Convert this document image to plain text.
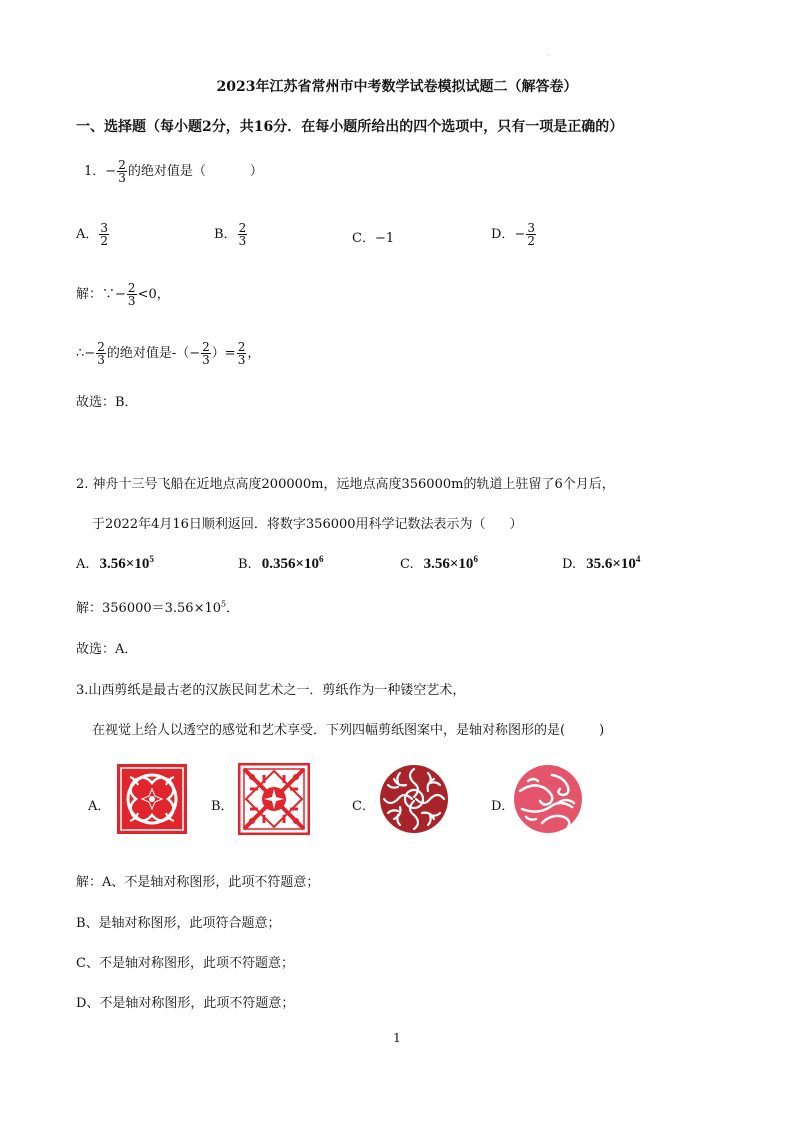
·
2023年江苏省常州市中考数学试卷模拟试题二（解答卷）
一、选择题（每小题2分，共16分．在每小题所给出的四个选项中，只有一项是正确的）
1．− $\frac{2}{3}$ 的绝对值是（	）
A． $\frac{3}{2}$	B． $\frac{2}{3}$	C．−1	D．− $\frac{3}{2}$
解：∵− $\frac{2}{3} <0$，
∴− $\frac{2}{3}$ 的绝对值是-（− $\frac{2}{3}$ ）= $\frac{2}{3}$ ，
故选：B．
2. 神舟十三号飞船在近地点高度200000m，远地点高度356000m的轨道上驻留了6个月后，
于2022年4月16日顺利返回．将数字356000用科学记数法表示为（ ）
A. $3.56\times 10^5$	B. $0.356\times 10^6$	C. $3.56\times 10^6$	D. $35.6\times 10^4$
解：$356000=3.56\times 10^5$．
故选：A．
3.山西剪纸是最古老的汉族民间艺术之一．剪纸作为一种镂空艺术，
在视觉上给人以透空的感觉和艺术享受．下列四幅剪纸图案中，是轴对称图形的是(	)
A．	B．	C．	D．
解：A、不是轴对称图形，此项不符题意；
B、是轴对称图形，此项符合题意；
C、不是轴对称图形，此项不符题意；
D、不是轴对称图形，此项不符题意；
1
